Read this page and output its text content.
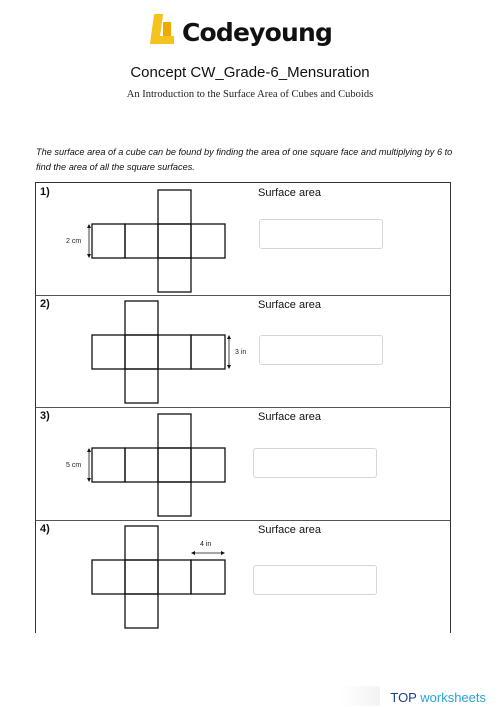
Codeyoung
Concept CW_Grade-6_Mensuration
An Introduction to the Surface Area of Cubes and Cuboids
The surface area of a cube can be found by finding the area of one square face and multiplying by 6 to find the area of all the square surfaces.
1)	Surface area
2 cm
2)	Surface area
3 in
3)	Surface area
5 cm
4)	Surface area
4 in
TOP worksheets
